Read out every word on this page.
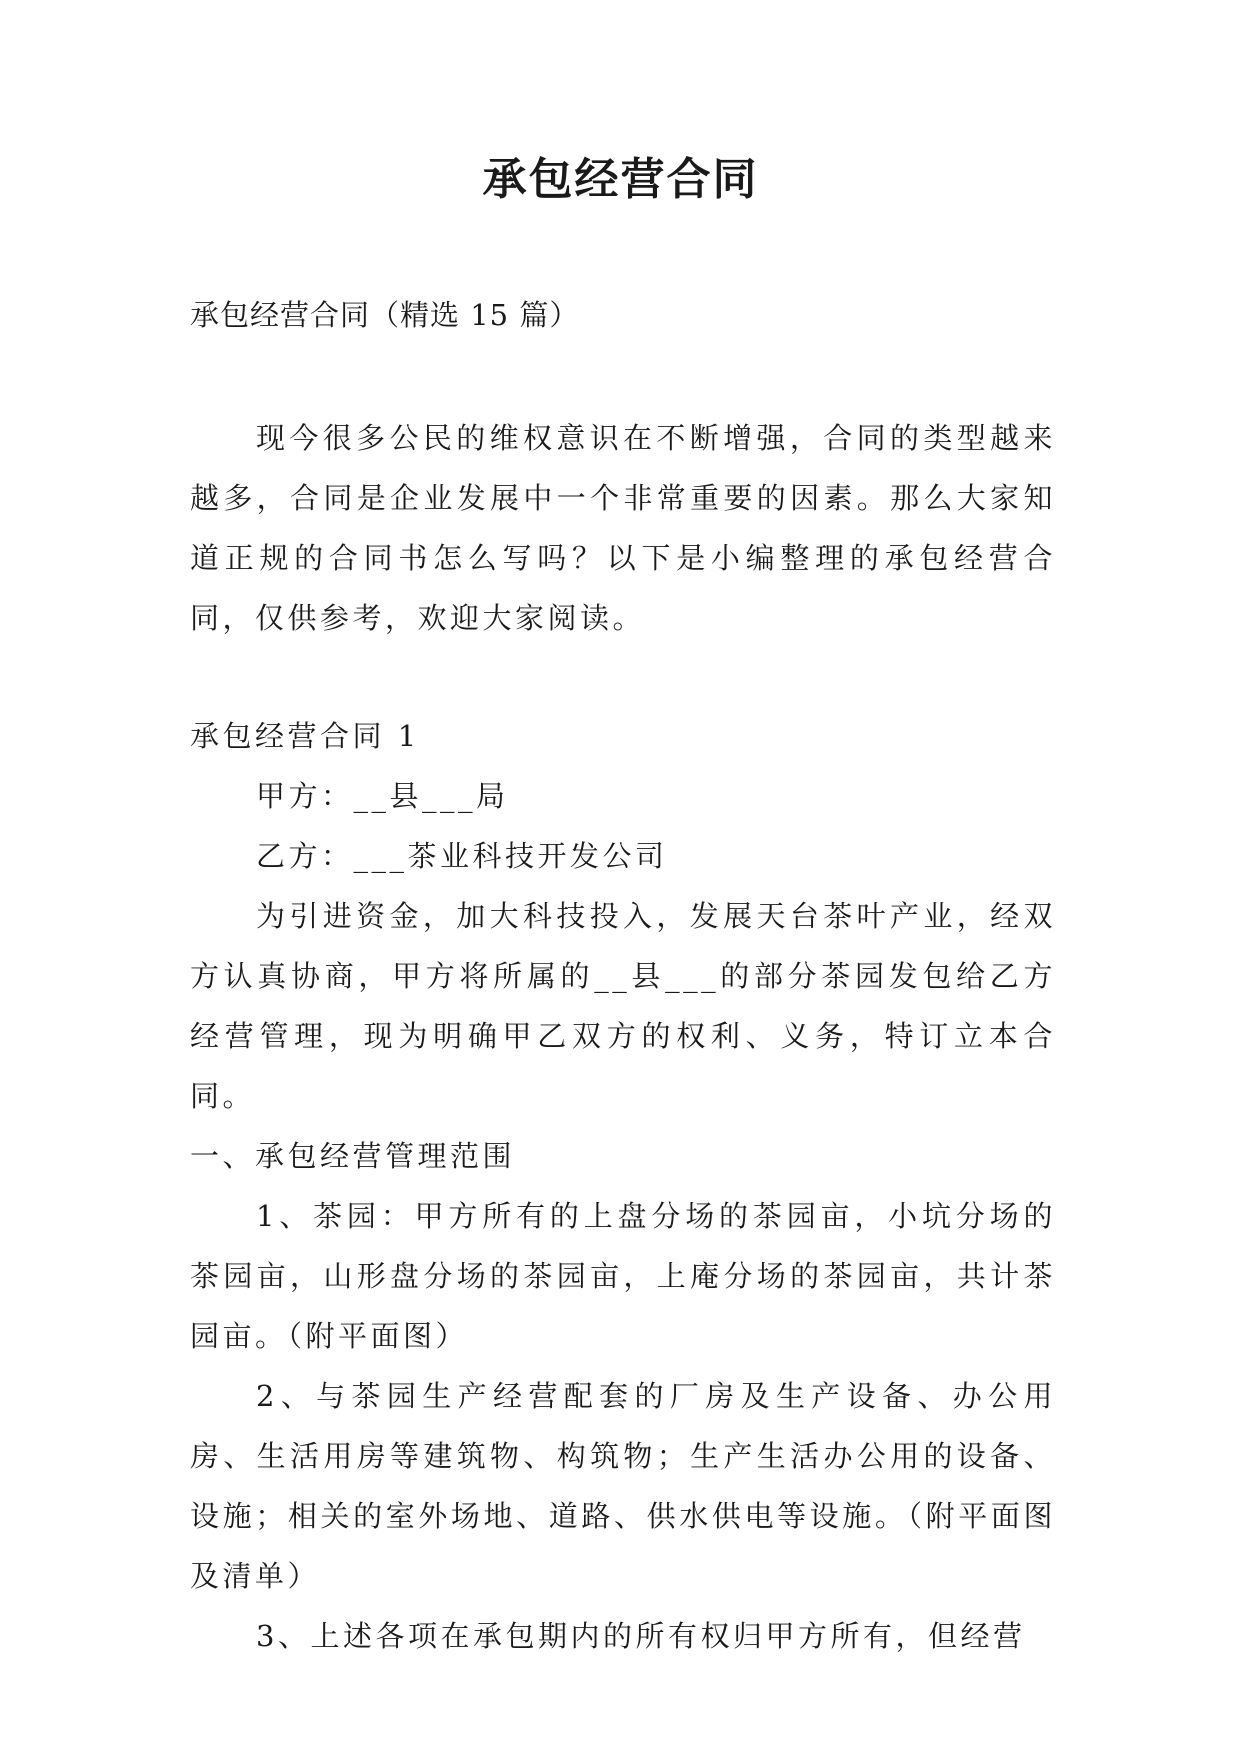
承包经营合同

承包经营合同（精选 15 篇）

现今很多公民的维权意识在不断增强，合同的类型越来越多，合同是企业发展中一个非常重要的因素。那么大家知道正规的合同书怎么写吗？以下是小编整理的承包经营合同，仅供参考，欢迎大家阅读。

承包经营合同 1

甲方：__县___局

乙方：___茶业科技开发公司

为引进资金，加大科技投入，发展天台茶叶产业，经双方认真协商，甲方将所属的__县___的部分茶园发包给乙方经营管理，现为明确甲乙双方的权利、义务，特订立本合同。

一、承包经营管理范围

1、茶园：甲方所有的上盘分场的茶园亩，小坑分场的茶园亩，山形盘分场的茶园亩，上庵分场的茶园亩，共计茶园亩。（附平面图）

2、与茶园生产经营配套的厂房及生产设备、办公用房、生活用房等建筑物、构筑物；生产生活办公用的设备、设施；相关的室外场地、道路、供水供电等设施。（附平面图及清单）

3、上述各项在承包期内的所有权归甲方所有，但经营
